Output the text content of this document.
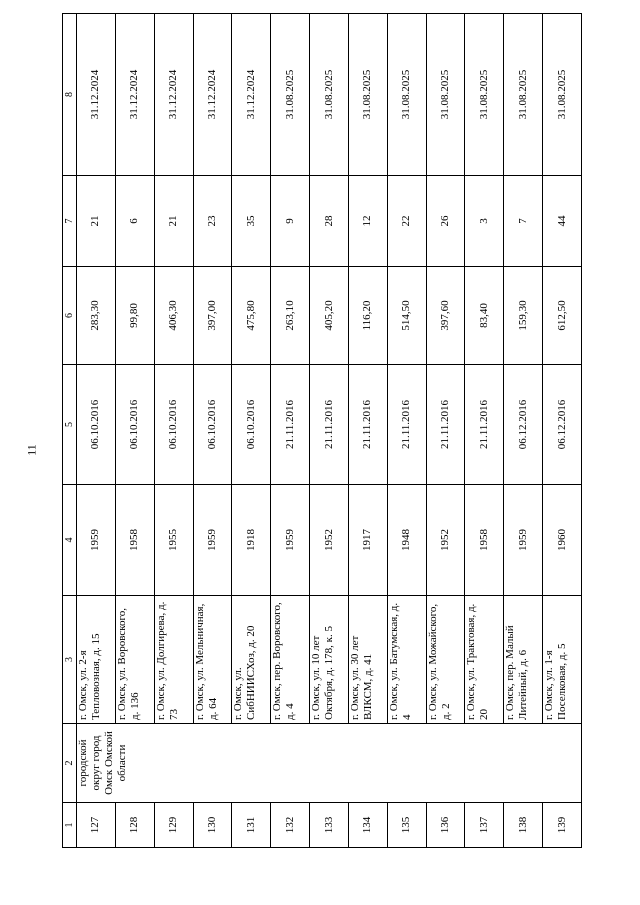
11
1	2	3	4	5	6	7	8
127	городской округ город Омск Омской области	г. Омск, ул. 2-я Тепловозная, д. 15	1959	06.10.2016	283,30	21	31.12.2024
128		г. Омск, ул. Воровского, д. 136	1958	06.10.2016	99,80	6	31.12.2024
129		г. Омск, ул. Долгирева, д. 73	1955	06.10.2016	406,30	21	31.12.2024
130		г. Омск, ул. Мельничная, д. 64	1959	06.10.2016	397,00	23	31.12.2024
131		г. Омск, ул. СибНИИСХоз, д. 20	1918	06.10.2016	475,80	35	31.12.2024
132		г. Омск, пер. Воровского, д. 4	1959	21.11.2016	263,10	9	31.08.2025
133		г. Омск, ул. 10 лет Октября, д. 178, к. 5	1952	21.11.2016	405,20	28	31.08.2025
134		г. Омск, ул. 30 лет ВЛКСМ, д. 41	1917	21.11.2016	116,20	12	31.08.2025
135		г. Омск, ул. Батумская, д. 4	1948	21.11.2016	514,50	22	31.08.2025
136		г. Омск, ул. Можайского, д. 2	1952	21.11.2016	397,60	26	31.08.2025
137		г. Омск, ул. Трактовая, д. 20	1958	21.11.2016	83,40	3	31.08.2025
138		г. Омск, пер. Малый Литейный, д. 6	1959	06.12.2016	159,30	7	31.08.2025
139		г. Омск, ул. 1-я Поселковая, д. 5	1960	06.12.2016	612,50	44	31.08.2025
